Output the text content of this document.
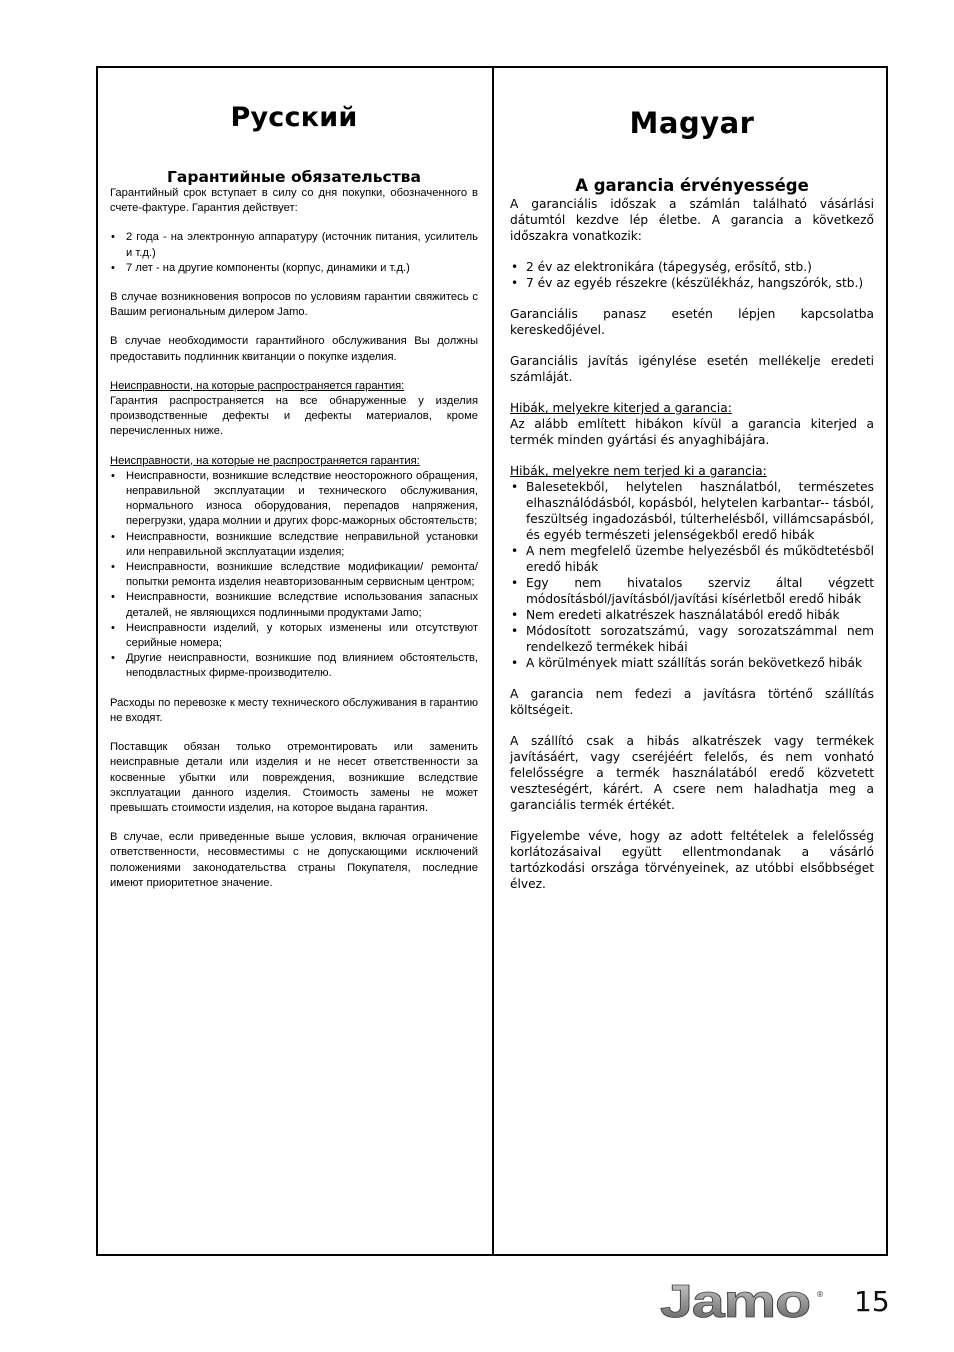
Русский
Гарантийные обязательства

Гарантийный срок вступает в силу со дня покупки, обозначенного в счете-фактуре. Гарантия действует:

• 2 года - на электронную аппаратуру (источник питания, усилитель и т.д.)
• 7 лет - на другие компоненты (корпус, динамики и т.д.)

В случае возникновения вопросов по условиям гарантии свяжитесь с Вашим региональным дилером Jamo.

В случае необходимости гарантийного обслуживания Вы должны предоставить подлинник квитанции о покупке изделия.

Неисправности, на которые распространяется гарантия:

Гарантия распространяется на все обнаруженные у изделия производственные дефекты и дефекты материалов, кроме перечисленных ниже.

Неисправности, на которые не распространяется гарантия:

• Неисправности, возникшие вследствие неосторожного обращения, неправильной эксплуатации и технического обслуживания, нормального износа оборудования, перепадов напряжения, перегрузки, удара молнии и других форс-мажорных обстоятельств;
• Неисправности, возникшие вследствие неправильной установки или неправильной эксплуатации изделия;
• Неисправности, возникшие вследствие модификации/ ремонта/попытки ремонта изделия неавторизованным сервисным центром;
• Неисправности, возникшие вследствие использования запасных деталей, не являющихся подлинными продуктами Jamo;
• Неисправности изделий, у которых изменены или отсутствуют серийные номера;
• Другие неисправности, возникшие под влиянием обстоятельств, неподвластных фирме-производителю.

Расходы по перевозке к месту технического обслуживания в гарантию не входят.

Поставщик обязан только отремонтировать или заменить неисправные детали или изделия и не несет ответственности за косвенные убытки или повреждения, возникшие вследствие эксплуатации данного изделия. Стоимость замены не может превышать стоимости изделия, на которое выдана гарантия.

В случае, если приведенные выше условия, включая ограничение ответственности, несовместимы с не допускающими исключений положениями законодательства страны Покупателя, последние имеют приоритетное значение.

Magyar
A garancia érvényessége

A garanciális időszak a számlán található vásárlási dátumtól kezdve lép életbe. A garancia a következő időszakra vonatkozik:

• 2 év az elektronikára (tápegység, erősítő, stb.)
• 7 év az egyéb részekre (készülékház, hangszórók, stb.)

Garanciális panasz esetén lépjen kapcsolatba kereskedőjével.

Garanciális javítás igénylése esetén mellékelje eredeti számláját.

Hibák, melyekre kiterjed a garancia:

Az alább említett hibákon kívül a garancia kiterjed a termék minden gyártási és anyaghibájára.

Hibák, melyekre nem terjed ki a garancia:

• Balesetekből, helytelen használatból, természetes elhasználódásból, kopásból, helytelen karbantar-- tásból, feszültség ingadozásból, túlterhelésből, villámcsapásból, és egyéb természeti jelenségekből eredő hibák
• A nem megfelelő üzembe helyezésből és működtetésből eredő hibák
• Egy nem hivatalos szerviz által végzett módosításból/javításból/javítási kísérletből eredő hibák
• Nem eredeti alkatrészek használatából eredő hibák
• Módosított sorozatszámú, vagy sorozatszámmal nem rendelkező termékek hibái
• A körülmények miatt szállítás során bekövetkező hibák

A garancia nem fedezi a javításra történő szállítás költségeit.

A szállító csak a hibás alkatrészek vagy termékek javításáért, vagy cseréjéért felelős, és nem vonható felelősségre a termék használatából eredő közvetett veszteségért, kárért. A csere nem haladhatja meg a garanciális termék értékét.

Figyelembe véve, hogy az adott feltételek a felelősség korlátozásaival együtt ellentmondanak a vásárló tartózkodási országa törvényeinek, az utóbbi elsőbbséget élvez.

Jamo ® 15
